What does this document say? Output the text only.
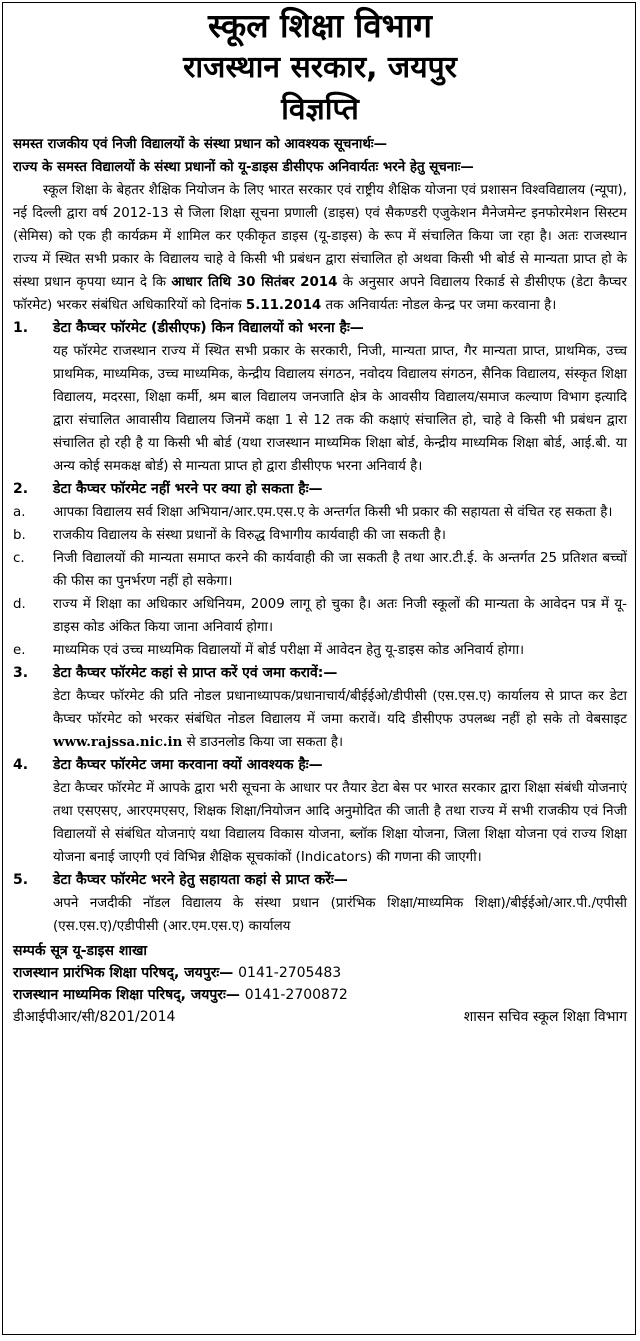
स्कूल शिक्षा विभाग
राजस्थान सरकार, जयपुर
विज्ञप्ति

समस्त राजकीय एवं निजी विद्यालयों के संस्था प्रधान को आवश्यक सूचनार्थः—

राज्य के समस्त विद्यालयों के संस्था प्रधानों को यू-डाइस डीसीएफ अनिवार्यतः भरने हेतु सूचनाः—

स्कूल शिक्षा के बेहतर शैक्षिक नियोजन के लिए भारत सरकार एवं राष्ट्रीय शैक्षिक योजना एवं प्रशासन विश्वविद्यालय (न्यूपा), नई दिल्ली द्वारा वर्ष 2012-13 से जिला शिक्षा सूचना प्रणाली (डाइस) एवं सैकण्डरी एजुकेशन मैनेजमेन्ट इनफोरमेशन सिस्टम (सेमिस) को एक ही कार्यक्रम में शामिल कर एकीकृत डाइस (यू-डाइस) के रूप में संचालित किया जा रहा है। अतः राजस्थान राज्य में स्थित सभी प्रकार के विद्यालय चाहे वे किसी भी प्रबंधन द्वारा संचालित हो अथवा किसी भी बोर्ड से मान्यता प्राप्त हो के संस्था प्रधान कृपया ध्यान दे कि आधार तिथि 30 सितंबर 2014 के अनुसार अपने विद्यालय रिकार्ड से डीसीएफ (डेटा कैप्चर फॉरमेट) भरकर संबंधित अधिकारियों को दिनांक 5.11.2014 तक अनिवार्यतः नोडल केन्द्र पर जमा करवाना है।

1.	डेटा कैप्चर फॉरमेट (डीसीएफ) किन विद्यालयों को भरना हैः—

यह फॉरमेट राजस्थान राज्य में स्थित सभी प्रकार के सरकारी, निजी, मान्यता प्राप्त, गैर मान्यता प्राप्त, प्राथमिक, उच्च प्राथमिक, माध्यमिक, उच्च माध्यमिक, केन्द्रीय विद्यालय संगठन, नवोदय विद्यालय संगठन, सैनिक विद्यालय, संस्कृत शिक्षा विद्यालय, मदरसा, शिक्षा कर्मी, श्रम बाल विद्यालय जनजाति क्षेत्र के आवसीय विद्यालय/समाज कल्याण विभाग इत्यादि द्वारा संचालित आवासीय विद्यालय जिनमें कक्षा 1 से 12 तक की कक्षाएं संचालित हो, चाहे वे किसी भी प्रबंधन द्वारा संचालित हो रही है या किसी भी बोर्ड (यथा राजस्थान माध्यमिक शिक्षा बोर्ड, केन्द्रीय माध्यमिक शिक्षा बोर्ड, आई.बी. या अन्य कोई समकक्ष बोर्ड) से मान्यता प्राप्त हो द्वारा डीसीएफ भरना अनिवार्य है।

2.	डेटा कैप्चर फॉरमेट नहीं भरने पर क्या हो सकता हैः—
a.	आपका विद्यालय सर्व शिक्षा अभियान/आर.एम.एस.ए के अन्तर्गत किसी भी प्रकार की सहायता से वंचित रह सकता है।
b.	राजकीय विद्यालय के संस्था प्रधानों के विरुद्ध विभागीय कार्यवाही की जा सकती है।
c.	निजी विद्यालयों की मान्यता समाप्त करने की कार्यवाही की जा सकती है तथा आर.टी.ई. के अन्तर्गत 25 प्रतिशत बच्चों की फीस का पुनर्भरण नहीं हो सकेगा।
d.	राज्य में शिक्षा का अधिकार अधिनियम, 2009 लागू हो चुका है। अतः निजी स्कूलों की मान्यता के आवेदन पत्र में यू-डाइस कोड अंकित किया जाना अनिवार्य होगा।
e.	माध्यमिक एवं उच्च माध्यमिक विद्यालयों में बोर्ड परीक्षा में आवेदन हेतु यू-डाइस कोड अनिवार्य होगा।
3.	डेटा कैप्चर फॉरमेट कहां से प्राप्त करें एवं जमा करावें:—

डेटा कैप्चर फॉरमेट की प्रति नोडल प्रधानाध्यापक/प्रधानाचार्य/बीईईओ/डीपीसी (एस.एस.ए) कार्यालय से प्राप्त कर डेटा कैप्चर फॉरमेट को भरकर संबंधित नोडल विद्यालय में जमा करावें। यदि डीसीएफ उपलब्ध नहीं हो सके तो वेबसाइट www.rajssa.nic.in से डाउनलोड किया जा सकता है।

4.	डेटा कैप्चर फॉरमेट जमा करवाना क्यों आवश्यक हैः—

डेटा कैप्चर फॉरमेट में आपके द्वारा भरी सूचना के आधार पर तैयार डेटा बेस पर भारत सरकार द्वारा शिक्षा संबंधी योजनाएं तथा एसएसए, आरएमएसए, शिक्षक शिक्षा/नियोजन आदि अनुमोदित की जाती है तथा राज्य में सभी राजकीय एवं निजी विद्यालयों से संबंधित योजनाएं यथा विद्यालय विकास योजना, ब्लॉक शिक्षा योजना, जिला शिक्षा योजना एवं राज्य शिक्षा योजना बनाई जाएगी एवं विभिन्न शैक्षिक सूचकांकों (Indicators) की गणना की जाएगी।

5.	डेटा कैप्चर फॉरमेट भरने हेतु सहायता कहां से प्राप्त करेंः—

अपने नजदीकी नॉडल विद्यालय के संस्था प्रधान (प्रारंभिक शिक्षा/माध्यमिक शिक्षा)/बीईईओ/आर.पी./एपीसी (एस.एस.ए)/एडीपीसी (आर.एम.एस.ए) कार्यालय

सम्पर्क सूत्र यू-डाइस शाखा

राजस्थान प्रारंभिक शिक्षा परिषद्, जयपुरः— 0141-2705483

राजस्थान माध्यमिक शिक्षा परिषद्, जयपुरः— 0141-2700872

डीआईपीआर/सी/8201/2014	शासन सचिव स्कूल शिक्षा विभाग
